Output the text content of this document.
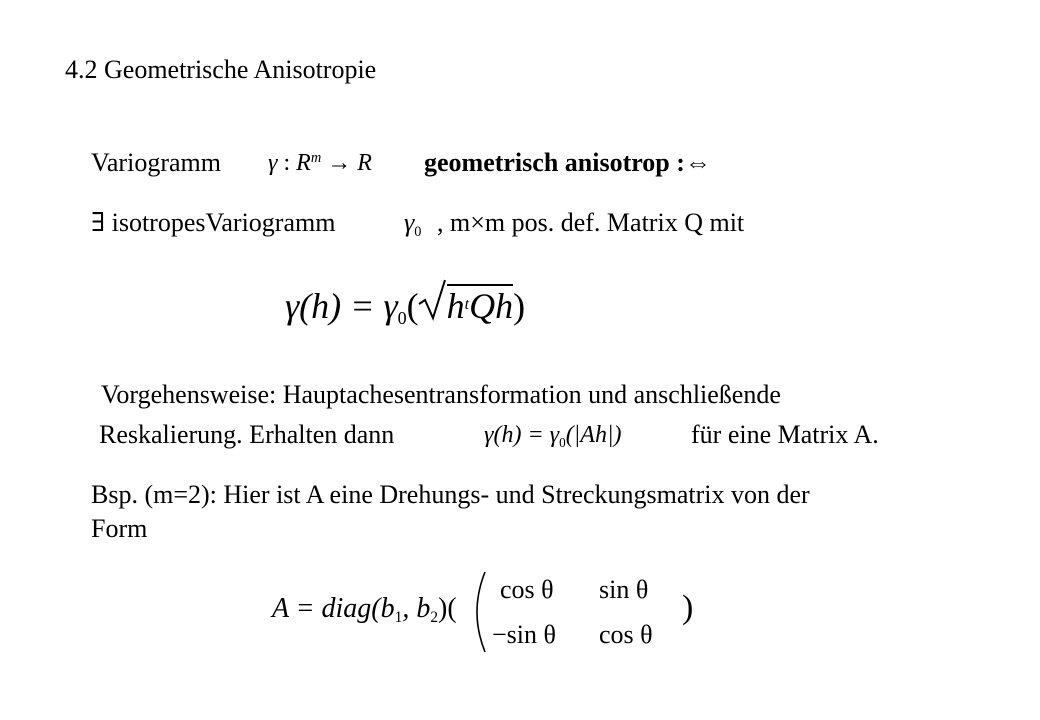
4.2 Geometrische Anisotropie
Variogramm γ : $R^m \to R$ geometrisch anisotrop :⇔
∃ isotropesVariogramm	γ0 , m×m pos. def. Matrix Q mit
γ(h) = γ0( $h^tQh$)
Vorgehensweise: Hauptachesentransformation und anschließende
Reskalierung. Erhalten dann	γ(h) = γ0(|Ah|)	für eine Matrix A.
Bsp. (m=2): Hier ist A eine Drehungs- und Streckungsmatrix von der
Form
A = diag(b1, b2)(
cos θ sin θ
−sin θ cos θ
)
